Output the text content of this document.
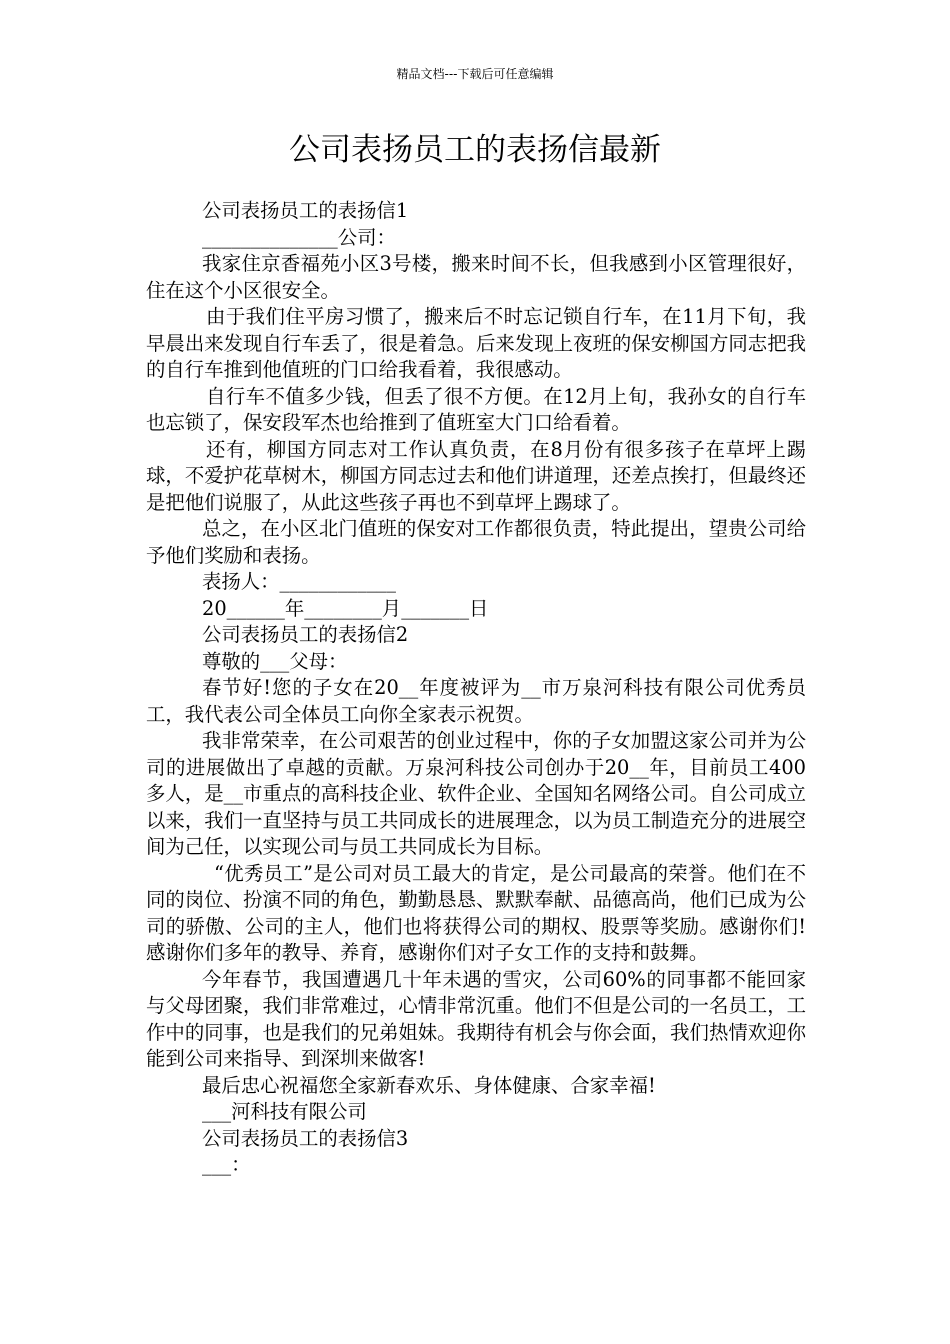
精品文档---下载后可任意编辑
公司表扬员工的表扬信最新

公司表扬员工的表扬信1

______________公司：

我家住京香福苑小区3号楼，搬来时间不长，但我感到小区管理很好，住在这个小区很安全。

由于我们住平房习惯了，搬来后不时忘记锁自行车，在11月下旬，我早晨出来发现自行车丢了，很是着急。后来发现上夜班的保安柳国方同志把我的自行车推到他值班的门口给我看着，我很感动。

自行车不值多少钱，但丢了很不方便。在12月上旬，我孙女的自行车也忘锁了，保安段军杰也给推到了值班室大门口给看着。

还有，柳国方同志对工作认真负责，在8月份有很多孩子在草坪上踢球，不爱护花草树木，柳国方同志过去和他们讲道理，还差点挨打，但最终还是把他们说服了，从此这些孩子再也不到草坪上踢球了。

总之，在小区北门值班的保安对工作都很负责，特此提出，望贵公司给予他们奖励和表扬。

表扬人：____________

20______年________月_______日

公司表扬员工的表扬信2

尊敬的___父母：

春节好!您的子女在20__年度被评为__市万泉河科技有限公司优秀员工，我代表公司全体员工向你全家表示祝贺。

我非常荣幸，在公司艰苦的创业过程中，你的子女加盟这家公司并为公司的进展做出了卓越的贡献。万泉河科技公司创办于20__年，目前员工400多人，是__市重点的高科技企业、软件企业、全国知名网络公司。自公司成立以来，我们一直坚持与员工共同成长的进展理念，以为员工制造充分的进展空间为己任，以实现公司与员工共同成长为目标。

“优秀员工”是公司对员工最大的肯定，是公司最高的荣誉。他们在不同的岗位、扮演不同的角色，勤勤恳恳、默默奉献、品德高尚，他们已成为公司的骄傲、公司的主人，他们也将获得公司的期权、股票等奖励。感谢你们!感谢你们多年的教导、养育，感谢你们对子女工作的支持和鼓舞。

今年春节，我国遭遇几十年未遇的雪灾，公司60%的同事都不能回家与父母团聚，我们非常难过，心情非常沉重。他们不但是公司的一名员工，工作中的同事，也是我们的兄弟姐妹。我期待有机会与你会面，我们热情欢迎你能到公司来指导、到深圳来做客!

最后忠心祝福您全家新春欢乐、身体健康、合家幸福!

___河科技有限公司

公司表扬员工的表扬信3

___：
